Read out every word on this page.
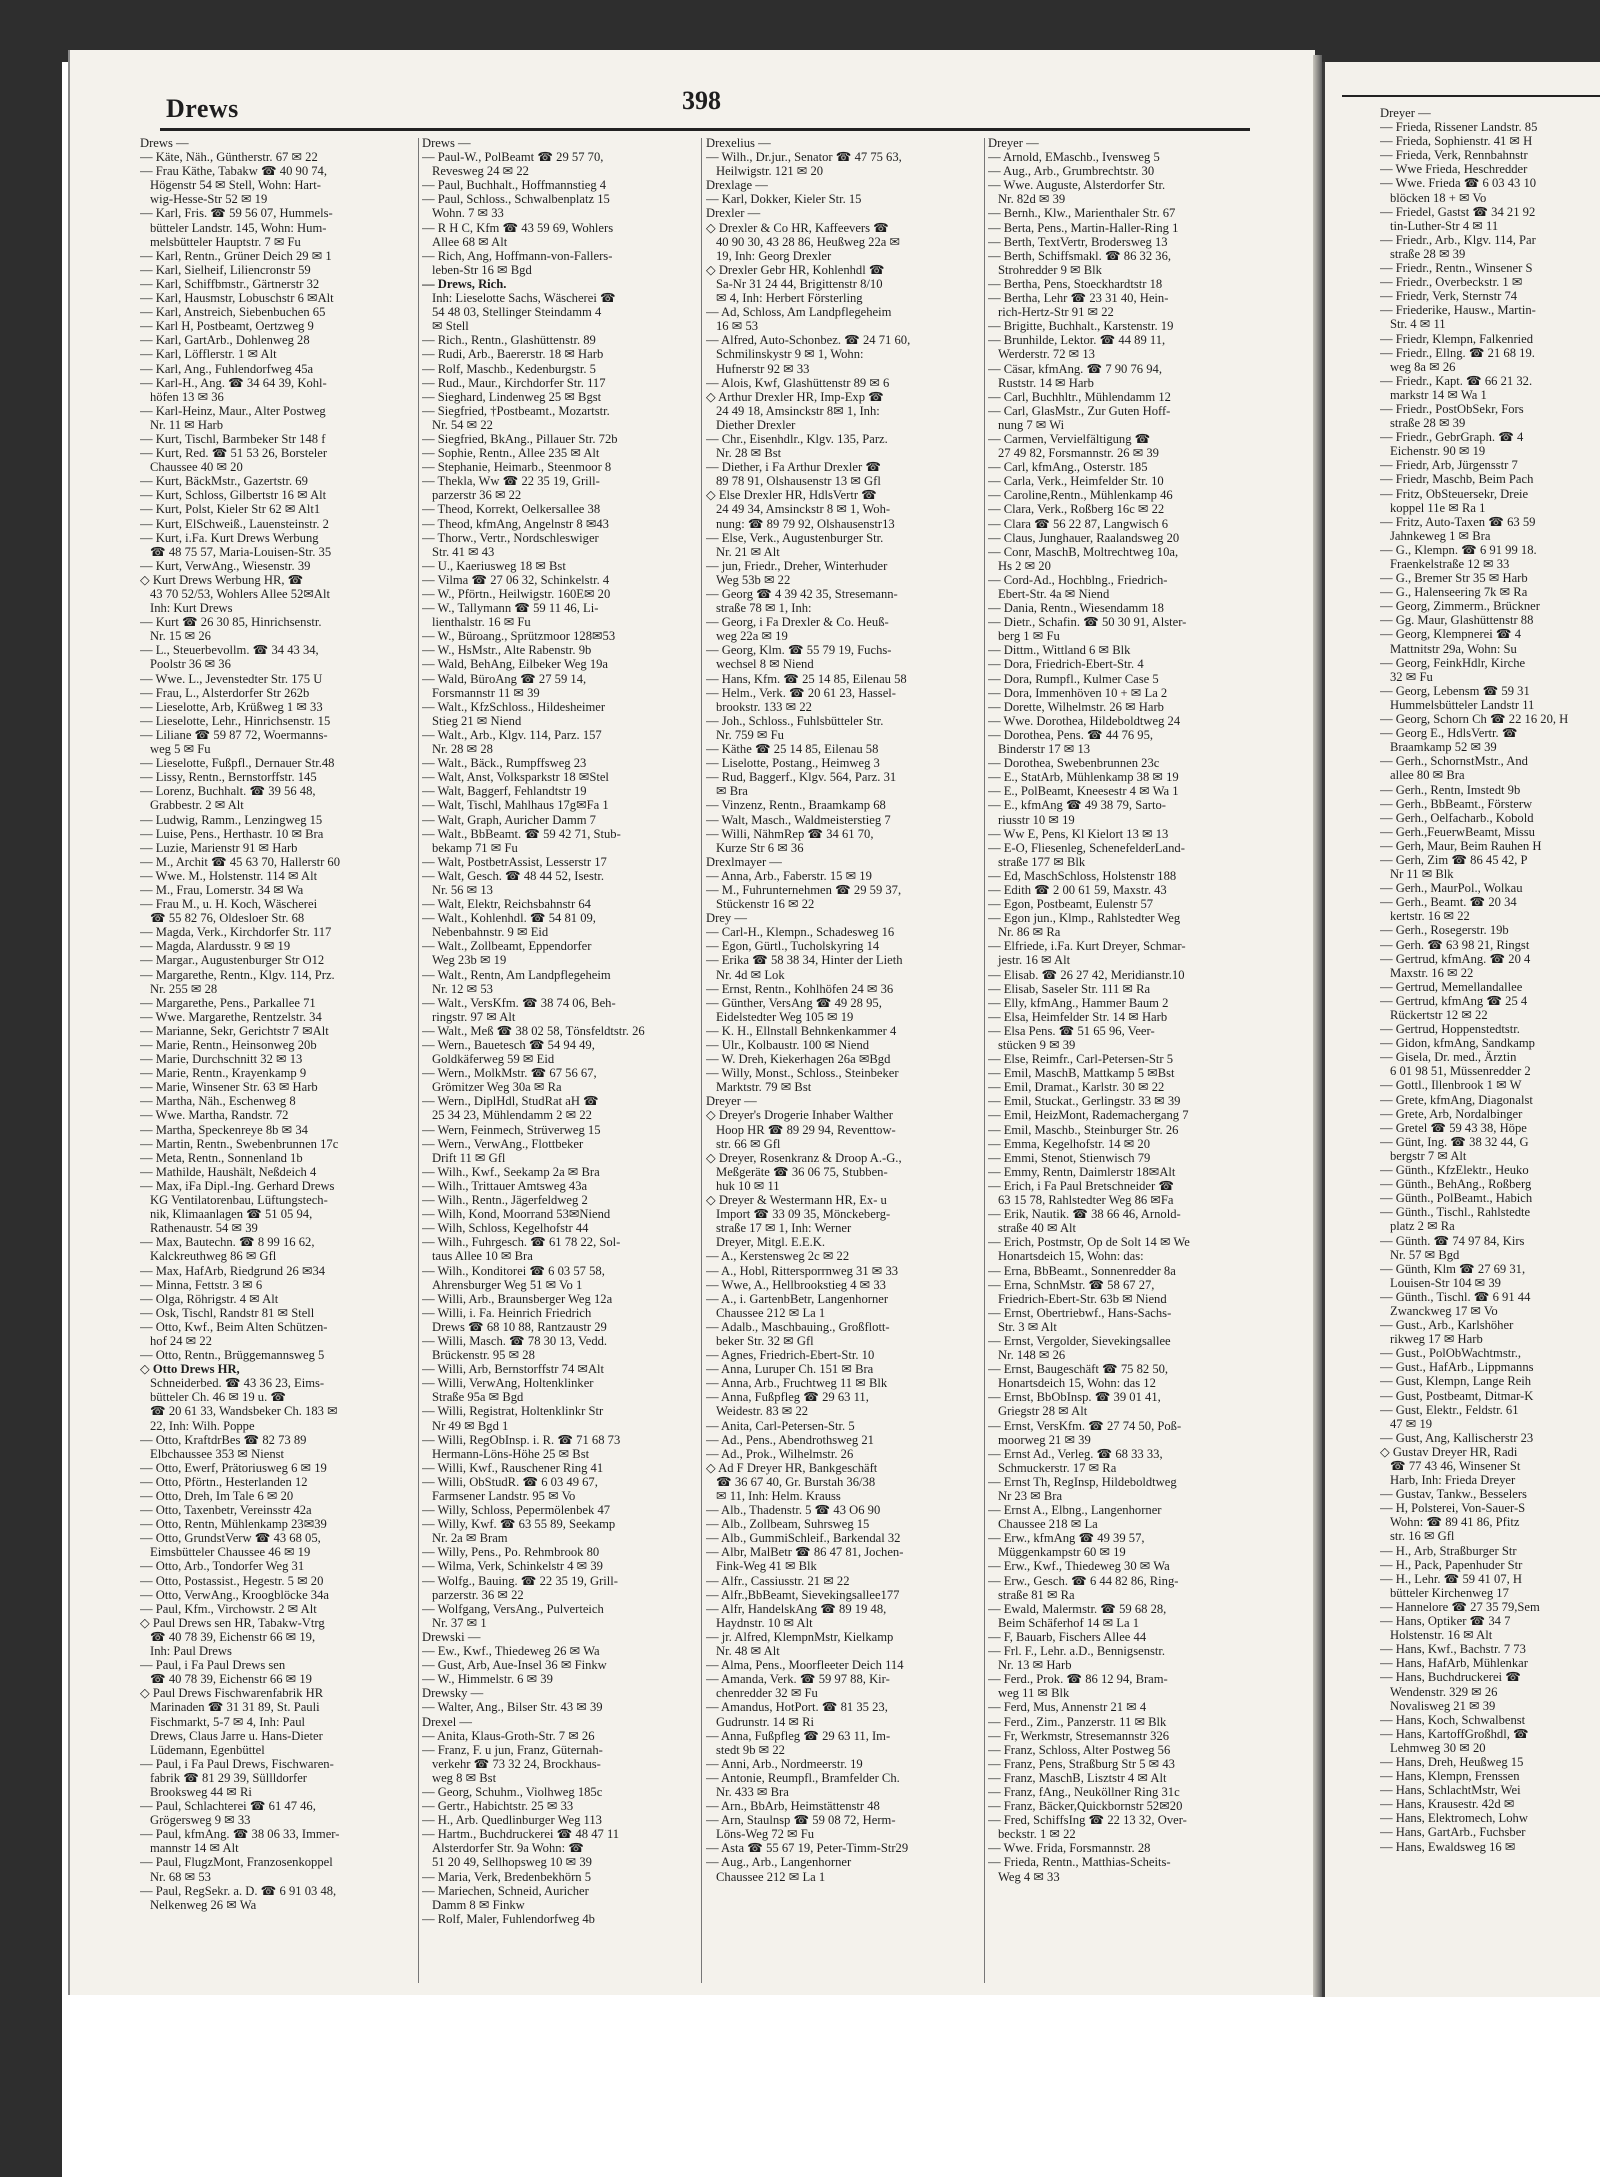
Drews	398
Drews —
— Käte, Näh., Güntherstr. 67 ✉ 22
— Frau Käthe, Tabakw ☎ 40 90 74,
Högenstr 54 ✉ Stell, Wohn: Hart-
wig-Hesse-Str 52 ✉ 19
— Karl, Fris. ☎ 59 56 07, Hummels-
bütteler Landstr. 145, Wohn: Hum-
melsbütteler Hauptstr. 7 ✉ Fu
— Karl, Rentn., Grüner Deich 29 ✉ 1
— Karl, Sielheif, Liliencronstr 59
— Karl, Schiffbmstr., Gärtnerstr 32
— Karl, Hausmstr, Lobuschstr 6 ✉Alt
— Karl, Anstreich, Siebenbuchen 65
— Karl H, Postbeamt, Oertzweg 9
— Karl, GartArb., Dohlenweg 28
— Karl, Löfflerstr. 1 ✉ Alt
— Karl, Ang., Fuhlendorfweg 45a
— Karl-H., Ang. ☎ 34 64 39, Kohl-
höfen 13 ✉ 36
— Karl-Heinz, Maur., Alter Postweg
Nr. 11 ✉ Harb
— Kurt, Tischl, Barmbeker Str 148 f
— Kurt, Red. ☎ 51 53 26, Borsteler
Chaussee 40 ✉ 20
— Kurt, BäckMstr., Gazertstr. 69
— Kurt, Schloss, Gilbertstr 16 ✉ Alt
— Kurt, Polst, Kieler Str 62 ✉ Alt1
— Kurt, ElSchweiß., Lauensteinstr. 2
— Kurt, i.Fa. Kurt Drews Werbung
☎ 48 75 57, Maria-Louisen-Str. 35
— Kurt, VerwAng., Wiesenstr. 39
◇ Kurt Drews Werbung HR, ☎
43 70 52/53, Wohlers Allee 52✉Alt
Inh: Kurt Drews
— Kurt ☎ 26 30 85, Hinrichsenstr.
Nr. 15 ✉ 26
— L., Steuerbevollm. ☎ 34 43 34,
Poolstr 36 ✉ 36
— Wwe. L., Jevenstedter Str. 175 U
— Frau, L., Alsterdorfer Str 262b
— Lieselotte, Arb, Krüßweg 1 ✉ 33
— Lieselotte, Lehr., Hinrichsenstr. 15
— Liliane ☎ 59 87 72, Woermanns-
weg 5 ✉ Fu
— Lieselotte, Fußpfl., Dernauer Str.48
— Lissy, Rentn., Bernstorffstr. 145
— Lorenz, Buchhalt. ☎ 39 56 48,
Grabbestr. 2 ✉ Alt
— Ludwig, Ramm., Lenzingweg 15
— Luise, Pens., Herthastr. 10 ✉ Bra
— Luzie, Marienstr 91 ✉ Harb
— M., Archit ☎ 45 63 70, Hallerstr 60
— Wwe. M., Holstenstr. 114 ✉ Alt
— M., Frau, Lomerstr. 34 ✉ Wa
— Frau M., u. H. Koch, Wäscherei
☎ 55 82 76, Oldesloer Str. 68
— Magda, Verk., Kirchdorfer Str. 117
— Magda, Alardusstr. 9 ✉ 19
— Margar., Augustenburger Str O12
— Margarethe, Rentn., Klgv. 114, Prz.
Nr. 255 ✉ 28
— Margarethe, Pens., Parkallee 71
— Wwe. Margarethe, Rentzelstr. 34
— Marianne, Sekr, Gerichtstr 7 ✉Alt
— Marie, Rentn., Heinsonweg 20b
— Marie, Durchschnitt 32 ✉ 13
— Marie, Rentn., Krayenkamp 9
— Marie, Winsener Str. 63 ✉ Harb
— Martha, Näh., Eschenweg 8
— Wwe. Martha, Randstr. 72
— Martha, Speckenreye 8b ✉ 34
— Martin, Rentn., Swebenbrunnen 17c
— Meta, Rentn., Sonnenland 1b
— Mathilde, Haushält, Neßdeich 4
— Max, iFa Dipl.-Ing. Gerhard Drews
KG Ventilatorenbau, Lüftungstech-
nik, Klimaanlagen ☎ 51 05 94,
Rathenaustr. 54 ✉ 39
— Max, Bautechn. ☎ 8 99 16 62,
Kalckreuthweg 86 ✉ Gfl
— Max, HafArb, Riedgrund 26 ✉34
— Minna, Fettstr. 3 ✉ 6
— Olga, Röhrigstr. 4 ✉ Alt
— Osk, Tischl, Randstr 81 ✉ Stell
— Otto, Kwf., Beim Alten Schützen-
hof 24 ✉ 22
— Otto, Rentn., Brüggemannsweg 5
◇ Otto Drews HR,
Schneiderbed. ☎ 43 36 23, Eims-
bütteler Ch. 46 ✉ 19 u. ☎
☎ 20 61 33, Wandsbeker Ch. 183 ✉
22, Inh: Wilh. Poppe
— Otto, KraftdrBes ☎ 82 73 89
Elbchaussee 353 ✉ Nienst
— Otto, Ewerf, Prätoriusweg 6 ✉ 19
— Otto, Pförtn., Hesterlanden 12
— Otto, Dreh, Im Tale 6 ✉ 20
— Otto, Taxenbetr, Vereinsstr 42a
— Otto, Rentn, Mühlenkamp 23✉39
— Otto, GrundstVerw ☎ 43 68 05,
Eimsbütteler Chaussee 46 ✉ 19
— Otto, Arb., Tondorfer Weg 31
— Otto, Postassist., Hegestr. 5 ✉ 20
— Otto, VerwAng., Kroogblöcke 34a
— Paul, Kfm., Virchowstr. 2 ✉ Alt
◇ Paul Drews sen HR, Tabakw-Vtrg
☎ 40 78 39, Eichenstr 66 ✉ 19,
Inh: Paul Drews
— Paul, i Fa Paul Drews sen
☎ 40 78 39, Eichenstr 66 ✉ 19
◇ Paul Drews Fischwarenfabrik HR
Marinaden ☎ 31 31 89, St. Pauli
Fischmarkt, 5-7 ✉ 4, Inh: Paul
Drews, Claus Jarre u. Hans-Dieter
Lüdemann, Egenbüttel
— Paul, i Fa Paul Drews, Fischwaren-
fabrik ☎ 81 29 39, Süllldorfer
Brooksweg 44 ✉ Ri
— Paul, Schlachterei ☎ 61 47 46,
Grögersweg 9 ✉ 33
— Paul, kfmAng. ☎ 38 06 33, Immer-
mannstr 14 ✉ Alt
— Paul, FlugzMont, Franzosenkoppel
Nr. 68 ✉ 53
— Paul, RegSekr. a. D. ☎ 6 91 03 48,
Nelkenweg 26 ✉ Wa
Drews —
— Paul-W., PolBeamt ☎ 29 57 70,
Revesweg 24 ✉ 22
— Paul, Buchhalt., Hoffmannstieg 4
— Paul, Schloss., Schwalbenplatz 15
Wohn. 7 ✉ 33
— R H C, Kfm ☎ 43 59 69, Wohlers
Allee 68 ✉ Alt
— Rich, Ang, Hoffmann-von-Fallers-
leben-Str 16 ✉ Bgd
— Drews, Rich.
Inh: Lieselotte Sachs, Wäscherei ☎
54 48 03, Stellinger Steindamm 4
✉ Stell
— Rich., Rentn., Glashüttenstr. 89
— Rudi, Arb., Baererstr. 18 ✉ Harb
— Rolf, Maschb., Kedenburgstr. 5
— Rud., Maur., Kirchdorfer Str. 117
— Sieghard, Lindenweg 25 ✉ Bgst
— Siegfried, †Postbeamt., Mozartstr.
Nr. 54 ✉ 22
— Siegfried, BkAng., Pillauer Str. 72b
— Sophie, Rentn., Allee 235 ✉ Alt
— Stephanie, Heimarb., Steenmoor 8
— Thekla, Ww ☎ 22 35 19, Grill-
parzerstr 36 ✉ 22
— Theod, Korrekt, Oelkersallee 38
— Theod, kfmAng, Angelnstr 8 ✉43
— Thorw., Vertr., Nordschleswiger
Str. 41 ✉ 43
— U., Kaeriusweg 18 ✉ Bst
— Vilma ☎ 27 06 32, Schinkelstr. 4
— W., Pförtn., Heilwigstr. 160E✉ 20
— W., Tallymann ☎ 59 11 46, Li-
lienthalstr. 16 ✉ Fu
— W., Büroang., Sprützmoor 128✉53
— W., HsMstr., Alte Rabenstr. 9b
— Wald, BehAng, Eilbeker Weg 19a
— Wald, BüroAng ☎ 27 59 14,
Forsmannstr 11 ✉ 39
— Walt., KfzSchloss., Hildesheimer
Stieg 21 ✉ Niend
— Walt., Arb., Klgv. 114, Parz. 157
Nr. 28 ✉ 28
— Walt., Bäck., Rumpffsweg 23
— Walt, Anst, Volksparkstr 18 ✉Stel
— Walt, Baggerf, Fehlandtstr 19
— Walt, Tischl, Mahlhaus 17g✉Fa 1
— Walt, Graph, Auricher Damm 7
— Walt., BbBeamt. ☎ 59 42 71, Stub-
bekamp 71 ✉ Fu
— Walt, PostbetrAssist, Lesserstr 17
— Walt, Gesch. ☎ 48 44 52, Isestr.
Nr. 56 ✉ 13
— Walt, Elektr, Reichsbahnstr 64
— Walt., Kohlenhdl. ☎ 54 81 09,
Nebenbahnstr. 9 ✉ Eid
— Walt., Zollbeamt, Eppendorfer
Weg 23b ✉ 19
— Walt., Rentn, Am Landpflegeheim
Nr. 12 ✉ 53
— Walt., VersKfm. ☎ 38 74 06, Beh-
ringstr. 97 ✉ Alt
— Walt., Meß ☎ 38 02 58, Tönsfeldtstr. 26
— Wern., Bauetesch ☎ 54 94 49,
Goldkäferweg 59 ✉ Eid
— Wern., MolkMstr. ☎ 67 56 67,
Grömitzer Weg 30a ✉ Ra
— Wern., DiplHdl, StudRat aH ☎
25 34 23, Mühlendamm 2 ✉ 22
— Wern, Feinmech, Strüverweg 15
— Wern., VerwAng., Flottbeker
Drift 11 ✉ Gfl
— Wilh., Kwf., Seekamp 2a ✉ Bra
— Wilh., Trittauer Amtsweg 43a
— Wilh., Rentn., Jägerfeldweg 2
— Wilh, Kond, Moorrand 53✉Niend
— Wilh, Schloss, Kegelhofstr 44
— Wilh., Fuhrgesch. ☎ 61 78 22, Sol-
taus Allee 10 ✉ Bra
— Wilh., Konditorei ☎ 6 03 57 58,
Ahrensburger Weg 51 ✉ Vo 1
— Willi, Arb., Braunsberger Weg 12a
— Willi, i. Fa. Heinrich Friedrich
Drews ☎ 68 10 88, Rantzaustr 29
— Willi, Masch. ☎ 78 30 13, Vedd.
Brückenstr. 95 ✉ 28
— Willi, Arb, Bernstorffstr 74 ✉Alt
— Willi, VerwAng, Holtenklinker
Straße 95a ✉ Bgd
— Willi, Registrat, Holtenklinkr Str
Nr 49 ✉ Bgd 1
— Willi, RegObInsp. i. R. ☎ 71 68 73
Hermann-Löns-Höhe 25 ✉ Bst
— Willi, Kwf., Rauschener Ring 41
— Willi, ObStudR. ☎ 6 03 49 67,
Farmsener Landstr. 95 ✉ Vo
— Willy, Schloss, Pepermölenbek 47
— Willy, Kwf. ☎ 63 55 89, Seekamp
Nr. 2a ✉ Bram
— Willy, Pens., Po. Rehmbrook 80
— Wilma, Verk, Schinkelstr 4 ✉ 39
— Wolfg., Bauing. ☎ 22 35 19, Grill-
parzerstr. 36 ✉ 22
— Wolfgang, VersAng., Pulverteich
Nr. 37 ✉ 1
Drewski —
— Ew., Kwf., Thiedeweg 26 ✉ Wa
— Gust, Arb, Aue-Insel 36 ✉ Finkw
— W., Himmelstr. 6 ✉ 39
Drewsky —
— Walter, Ang., Bilser Str. 43 ✉ 39
Drexel —
— Anita, Klaus-Groth-Str. 7 ✉ 26
— Franz, F. u jun, Franz, Güternah-
verkehr ☎ 73 32 24, Brockhaus-
weg 8 ✉ Bst
— Georg, Schuhm., Violhweg 185c
— Gertr., Habichtstr. 25 ✉ 33
— H., Arb. Quedlinburger Weg 113
— Hartm., Buchdruckerei ☎ 48 47 11
Alsterdorfer Str. 9a Wohn: ☎
51 20 49, Sellhopsweg 10 ✉ 39
— Maria, Verk, Bredenbekhörn 5
— Mariechen, Schneid, Auricher
Damm 8 ✉ Finkw
— Rolf, Maler, Fuhlendorfweg 4b
Drexelius —
— Wilh., Dr.jur., Senator ☎ 47 75 63,
Heilwigstr. 121 ✉ 20
Drexlage —
— Karl, Dokker, Kieler Str. 15
Drexler —
◇ Drexler & Co HR, Kaffeevers ☎
40 90 30, 43 28 86, Heußweg 22a ✉
19, Inh: Georg Drexler
◇ Drexler Gebr HR, Kohlenhdl ☎
Sa-Nr 31 24 44, Brigittenstr 8/10
✉ 4, Inh: Herbert Försterling
— Ad, Schloss, Am Landpflegeheim
16 ✉ 53
— Alfred, Auto-Schonbez. ☎ 24 71 60,
Schmilinskystr 9 ✉ 1, Wohn:
Hufnerstr 92 ✉ 33
— Alois, Kwf, Glashüttenstr 89 ✉ 6
◇ Arthur Drexler HR, Imp-Exp ☎
24 49 18, Amsinckstr 8✉ 1, Inh:
Diether Drexler
— Chr., Eisenhdlr., Klgv. 135, Parz.
Nr. 28 ✉ Bst
— Diether, i Fa Arthur Drexler ☎
89 78 91, Olshausenstr 13 ✉ Gfl
◇ Else Drexler HR, HdlsVertr ☎
24 49 34, Amsinckstr 8 ✉ 1, Woh-
nung: ☎ 89 79 92, Olshausenstr13
— Else, Verk., Augustenburger Str.
Nr. 21 ✉ Alt
— jun, Friedr., Dreher, Winterhuder
Weg 53b ✉ 22
— Georg ☎ 4 39 42 35, Stresemann-
straße 78 ✉ 1, Inh:
— Georg, i Fa Drexler & Co. Heuß-
weg 22a ✉ 19
— Georg, Klm. ☎ 55 79 19, Fuchs-
wechsel 8 ✉ Niend
— Hans, Kfm. ☎ 25 14 85, Eilenau 58
— Helm., Verk. ☎ 20 61 23, Hassel-
brookstr. 133 ✉ 22
— Joh., Schloss., Fuhlsbütteler Str.
Nr. 759 ✉ Fu
— Käthe ☎ 25 14 85, Eilenau 58
— Liselotte, Postang., Heimweg 3
— Rud, Baggerf., Klgv. 564, Parz. 31
✉ Bra
— Vinzenz, Rentn., Braamkamp 68
— Walt, Masch., Waldmeisterstieg 7
— Willi, NähmRep ☎ 34 61 70,
Kurze Str 6 ✉ 36
Drexlmayer —
— Anna, Arb., Faberstr. 15 ✉ 19
— M., Fuhrunternehmen ☎ 29 59 37,
Stückenstr 16 ✉ 22
Drey —
— Carl-H., Klempn., Schadesweg 16
— Egon, Gürtl., Tucholskyring 14
— Erika ☎ 58 38 34, Hinter der Lieth
Nr. 4d ✉ Lok
— Ernst, Rentn., Kohlhöfen 24 ✉ 36
— Günther, VersAng ☎ 49 28 95,
Eidelstedter Weg 105 ✉ 19
— K. H., Ellnstall Behnkenkammer 4
— Ulr., Kolbaustr. 100 ✉ Niend
— W. Dreh, Kiekerhagen 26a ✉Bgd
— Willy, Monst., Schloss., Steinbeker
Marktstr. 79 ✉ Bst
Dreyer —
◇ Dreyer's Drogerie Inhaber Walther
Hoop HR ☎ 89 29 94, Reventtow-
str. 66 ✉ Gfl
◇ Dreyer, Rosenkranz & Droop A.-G.,
Meßgeräte ☎ 36 06 75, Stubben-
huk 10 ✉ 11
◇ Dreyer & Westermann HR, Ex- u
Import ☎ 33 09 35, Mönckeberg-
straße 17 ✉ 1, Inh: Werner
Dreyer, Mitgl. E.E.K.
— A., Kerstensweg 2c ✉ 22
— A., Hobl, Rittersporrnweg 31 ✉ 33
— Wwe, A., Hellbrookstieg 4 ✉ 33
— A., i. GartenbBetr, Langenhorner
Chaussee 212 ✉ La 1
— Adalb., Maschbauing., Großflott-
beker Str. 32 ✉ Gfl
— Agnes, Friedrich-Ebert-Str. 10
— Anna, Luruper Ch. 151 ✉ Bra
— Anna, Arb., Fruchtweg 11 ✉ Blk
— Anna, Fußpfleg ☎ 29 63 11,
Weidestr. 83 ✉ 22
— Anita, Carl-Petersen-Str. 5
— Ad., Pens., Abendrothsweg 21
— Ad., Prok., Wilhelmstr. 26
◇ Ad F Dreyer HR, Bankgeschäft
☎ 36 67 40, Gr. Burstah 36/38
✉ 11, Inh: Helm. Krauss
— Alb., Thadenstr. 5 ☎ 43 O6 90
— Alb., Zollbeam, Suhrsweg 15
— Alb., GummiSchleif., Barkendal 32
— Albr, MalBetr ☎ 86 47 81, Jochen-
Fink-Weg 41 ✉ Blk
— Alfr., Cassiusstr. 21 ✉ 22
— Alfr.,BbBeamt, Sievekingsallee177
— Alfr, HandelskAng ☎ 89 19 48,
Haydnstr. 10 ✉ Alt
— jr. Alfred, KlempnMstr, Kielkamp
Nr. 48 ✉ Alt
— Alma, Pens., Moorfleeter Deich 114
— Amanda, Verk. ☎ 59 97 88, Kir-
chenredder 32 ✉ Fu
— Amandus, HotPort. ☎ 81 35 23,
Gudrunstr. 14 ✉ Ri
— Anna, Fußpfleg ☎ 29 63 11, Im-
stedt 9b ✉ 22
— Anni, Arb., Nordmeerstr. 19
— Antonie, Reumpfl., Bramfelder Ch.
Nr. 433 ✉ Bra
— Arn., BbArb, Heimstättenstr 48
— Arn, Staulnsp ☎ 59 08 72, Herm-
Löns-Weg 72 ✉ Fu
— Asta ☎ 55 67 19, Peter-Timm-Str29
— Aug., Arb., Langenhorner
Chaussee 212 ✉ La 1
Dreyer —
— Arnold, EMaschb., Ivensweg 5
— Aug., Arb., Grumbrechtstr. 30
— Wwe. Auguste, Alsterdorfer Str.
Nr. 82d ✉ 39
— Bernh., Klw., Marienthaler Str. 67
— Berta, Pens., Martin-Haller-Ring 1
— Berth, TextVertr, Brodersweg 13
— Berth, Schiffsmakl. ☎ 86 32 36,
Strohredder 9 ✉ Blk
— Bertha, Pens, Stoeckhardtstr 18
— Bertha, Lehr ☎ 23 31 40, Hein-
rich-Hertz-Str 91 ✉ 22
— Brigitte, Buchhalt., Karstenstr. 19
— Brunhilde, Lektor. ☎ 44 89 11,
Werderstr. 72 ✉ 13
— Cäsar, kfmAng. ☎ 7 90 76 94,
Ruststr. 14 ✉ Harb
— Carl, Buchhltr., Mühlendamm 12
— Carl, GlasMstr., Zur Guten Hoff-
nung 7 ✉ Wi
— Carmen, Vervielfältigung ☎
27 49 82, Forsmannstr. 26 ✉ 39
— Carl, kfmAng., Osterstr. 185
— Carla, Verk., Heimfelder Str. 10
— Caroline,Rentn., Mühlenkamp 46
— Clara, Verk., Roßberg 16c ✉ 22
— Clara ☎ 56 22 87, Langwisch 6
— Claus, Junghauer, Raalandsweg 20
— Conr, MaschB, Moltrechtweg 10a,
Hs 2 ✉ 20
— Cord-Ad., Hochblng., Friedrich-
Ebert-Str. 4a ✉ Niend
— Dania, Rentn., Wiesendamm 18
— Dietr., Schafin. ☎ 50 30 91, Alster-
berg 1 ✉ Fu
— Dittm., Wittland 6 ✉ Blk
— Dora, Friedrich-Ebert-Str. 4
— Dora, Rumpfl., Kulmer Case 5
— Dora, Immenhöven 10 + ✉ La 2
— Dorette, Wilhelmstr. 26 ✉ Harb
— Wwe. Dorothea, Hildeboldtweg 24
— Dorothea, Pens. ☎ 44 76 95,
Binderstr 17 ✉ 13
— Dorothea, Swebenbrunnen 23c
— E., StatArb, Mühlenkamp 38 ✉ 19
— E., PolBeamt, Kneesestr 4 ✉ Wa 1
— E., kfmAng ☎ 49 38 79, Sarto-
riusstr 10 ✉ 19
— Ww E, Pens, Kl Kielort 13 ✉ 13
— E-O, Fliesenleg, SchenefelderLand-
straße 177 ✉ Blk
— Ed, MaschSchloss, Holstenstr 188
— Edith ☎ 2 00 61 59, Maxstr. 43
— Egon, Postbeamt, Eulenstr 57
— Egon jun., Klmp., Rahlstedter Weg
Nr. 86 ✉ Ra
— Elfriede, i.Fa. Kurt Dreyer, Schmar-
jestr. 16 ✉ Alt
— Elisab. ☎ 26 27 42, Meridianstr.10
— Elisab, Saseler Str. 111 ✉ Ra
— Elly, kfmAng., Hammer Baum 2
— Elsa, Heimfelder Str. 14 ✉ Harb
— Elsa Pens. ☎ 51 65 96, Veer-
stücken 9 ✉ 39
— Else, Reimfr., Carl-Petersen-Str 5
— Emil, MaschB, Mattkamp 5 ✉Bst
— Emil, Dramat., Karlstr. 30 ✉ 22
— Emil, Stuckat., Gerlingstr. 33 ✉ 39
— Emil, HeizMont, Rademachergang 7
— Emil, Maschb., Steinburger Str. 26
— Emma, Kegelhofstr. 14 ✉ 20
— Emmi, Stenot, Stienwisch 79
— Emmy, Rentn, Daimlerstr 18✉Alt
— Erich, i Fa Paul Bretschneider ☎
63 15 78, Rahlstedter Weg 86 ✉Fa
— Erik, Nautik. ☎ 38 66 46, Arnold-
straße 40 ✉ Alt
— Erich, Postmstr, Op de Solt 14 ✉ We
Honartsdeich 15, Wohn: das:
— Erna, BbBeamt., Sonnenredder 8a
— Erna, SchnMstr. ☎ 58 67 27,
Friedrich-Ebert-Str. 63b ✉ Niend
— Ernst, Obertriebwf., Hans-Sachs-
Str. 3 ✉ Alt
— Ernst, Vergolder, Sievekingsallee
Nr. 148 ✉ 26
— Ernst, Baugeschäft ☎ 75 82 50,
Honartsdeich 15, Wohn: das 12
— Ernst, BbObInsp. ☎ 39 01 41,
Griegstr 28 ✉ Alt
— Ernst, VersKfm. ☎ 27 74 50, Poß-
moorweg 21 ✉ 39
— Ernst Ad., Verleg. ☎ 68 33 33,
Schmuckerstr. 17 ✉ Ra
— Ernst Th, RegInsp, Hildeboldtweg
Nr 23 ✉ Bra
— Ernst A., Elbng., Langenhorner
Chaussee 218 ✉ La
— Erw., kfmAng ☎ 49 39 57,
Müggenkampstr 60 ✉ 19
— Erw., Kwf., Thiedeweg 30 ✉ Wa
— Erw., Gesch. ☎ 6 44 82 86, Ring-
straße 81 ✉ Ra
— Ewald, Malermstr. ☎ 59 68 28,
Beim Schäferhof 14 ✉ La 1
— F, Bauarb, Fischers Allee 44
— Frl. F., Lehr. a.D., Bennigsenstr.
Nr. 13 ✉ Harb
— Ferd., Prok. ☎ 86 12 94, Bram-
weg 11 ✉ Blk
— Ferd, Mus, Annenstr 21 ✉ 4
— Ferd., Zim., Panzerstr. 11 ✉ Blk
— Fr, Werkmstr, Stresemannstr 326
— Franz, Schloss, Alter Postweg 56
— Franz, Pens, Straßburg Str 5 ✉ 43
— Franz, MaschB, Lisztstr 4 ✉ Alt
— Franz, fAng., Neuköllner Ring 31c
— Franz, Bäcker,Quickbornstr 52✉20
— Fred, SchiffsIng ☎ 22 13 32, Over-
beckstr. 1 ✉ 22
— Wwe. Frida, Forsmannstr. 28
— Frieda, Rentn., Matthias-Scheits-
Weg 4 ✉ 33
Dreyer —
— Frieda, Rissener Landstr. 85
— Frieda, Sophienstr. 41 ✉ H
— Frieda, Verk, Rennbahnstr
— Wwe Frieda, Heschredder
— Wwe. Frieda ☎ 6 03 43 10
blöcken 18 + ✉ Vo
— Friedel, Gastst ☎ 34 21 92
tin-Luther-Str 4 ✉ 11
— Friedr., Arb., Klgv. 114, Par
straße 28 ✉ 39
— Friedr., Rentn., Winsener S
— Friedr., Overbeckstr. 1 ✉
— Friedr, Verk, Sternstr 74
— Friederike, Hausw., Martin-
Str. 4 ✉ 11
— Friedr, Klempn, Falkenried
— Friedr., Ellng. ☎ 21 68 19.
weg 8a ✉ 26
— Friedr., Kapt. ☎ 66 21 32.
markstr 14 ✉ Wa 1
— Friedr., PostObSekr, Fors
straße 28 ✉ 39
— Friedr., GebrGraph. ☎ 4
Eichenstr. 90 ✉ 19
— Friedr, Arb, Jürgensstr 7
— Friedr, Maschb, Beim Pach
— Fritz, ObSteuersekr, Dreie
koppel 11e ✉ Ra 1
— Fritz, Auto-Taxen ☎ 63 59
Jahnkeweg 1 ✉ Bra
— G., Klempn. ☎ 6 91 99 18.
Fraenkelstraße 12 ✉ 33
— G., Bremer Str 35 ✉ Harb
— G., Halenseering 7k ✉ Ra
— Georg, Zimmerm., Brückner
— Gg. Maur, Glashüttenstr 88
— Georg, Klempnerei ☎ 4
Mattnitstr 29a, Wohn: Su
— Georg, FeinkHdlr, Kirche
32 ✉ Fu
— Georg, Lebensm ☎ 59 31
Hummelsbütteler Landstr 11
— Georg, Schorn Ch ☎ 22 16 20, H
— Georg E., HdlsVertr. ☎
Braamkamp 52 ✉ 39
— Gerh., SchornstMstr., And
allee 80 ✉ Bra
— Gerh., Rentn, Imstedt 9b
— Gerh., BbBeamt., Försterw
— Gerh., Oelfacharb., Kobold
— Gerh.,FeuerwBeamt, Missu
— Gerh, Maur, Beim Rauhen H
— Gerh, Zim ☎ 86 45 42, P
Nr 11 ✉ Blk
— Gerh., MaurPol., Wolkau
— Gerh., Beamt. ☎ 20 34
kertstr. 16 ✉ 22
— Gerh., Rosegerstr. 19b
— Gerh. ☎ 63 98 21, Ringst
— Gertrud, kfmAng. ☎ 20 4
Maxstr. 16 ✉ 22
— Gertrud, Memellandallee
— Gertrud, kfmAng ☎ 25 4
Rückertstr 12 ✉ 22
— Gertrud, Hoppenstedtstr.
— Gidon, kfmAng, Sandkamp
— Gisela, Dr. med., Ärztin
6 01 98 51, Müssenredder 2
— Gottl., Illenbrook 1 ✉ W
— Grete, kfmAng, Diagonalst
— Grete, Arb, Nordalbinger
— Gretel ☎ 59 43 38, Höpe
— Günt, Ing. ☎ 38 32 44, G
bergstr 7 ✉ Alt
— Günth., KfzElektr., Heuko
— Günth., BehAng., Roßberg
— Günth., PolBeamt., Habich
— Günth., Tischl., Rahlstedte
platz 2 ✉ Ra
— Günth. ☎ 74 97 84, Kirs
Nr. 57 ✉ Bgd
— Günth, Klm ☎ 27 69 31,
Louisen-Str 104 ✉ 39
— Günth., Tischl. ☎ 6 91 44
Zwanckweg 17 ✉ Vo
— Gust., Arb., Karlshöher
rikweg 17 ✉ Harb
— Gust., PolObWachtmstr.,
— Gust., HafArb., Lippmanns
— Gust, Klempn, Lange Reih
— Gust, Postbeamt, Ditmar-K
— Gust, Elektr., Feldstr. 61
47 ✉ 19
— Gust, Ang, Kallischerstr 23
◇ Gustav Dreyer HR, Radi
☎ 77 43 46, Winsener St
Harb, Inh: Frieda Dreyer
— Gustav, Tankw., Besselers
— H, Polsterei, Von-Sauer-S
Wohn: ☎ 89 41 86, Pfitz
str. 16 ✉ Gfl
— H., Arb, Straßburger Str
— H., Pack, Papenhuder Str
— H., Lehr. ☎ 59 41 07, H
bütteler Kirchenweg 17
— Hannelore ☎ 27 35 79,Sem
— Hans, Optiker ☎ 34 7
Holstenstr. 16 ✉ Alt
— Hans, Kwf., Bachstr. 7 73
— Hans, HafArb, Mühlenkar
— Hans, Buchdruckerei ☎
Wendenstr. 329 ✉ 26
Novalisweg 21 ✉ 39
— Hans, Koch, Schwalbenst
— Hans, KartoffGroßhdl, ☎
Lehmweg 30 ✉ 20
— Hans, Dreh, Heußweg 15
— Hans, Klempn, Frenssen
— Hans, SchlachtMstr, Wei
— Hans, Krausestr. 42d ✉
— Hans, Elektromech, Lohw
— Hans, GartArb., Fuchsber
— Hans, Ewaldsweg 16 ✉
